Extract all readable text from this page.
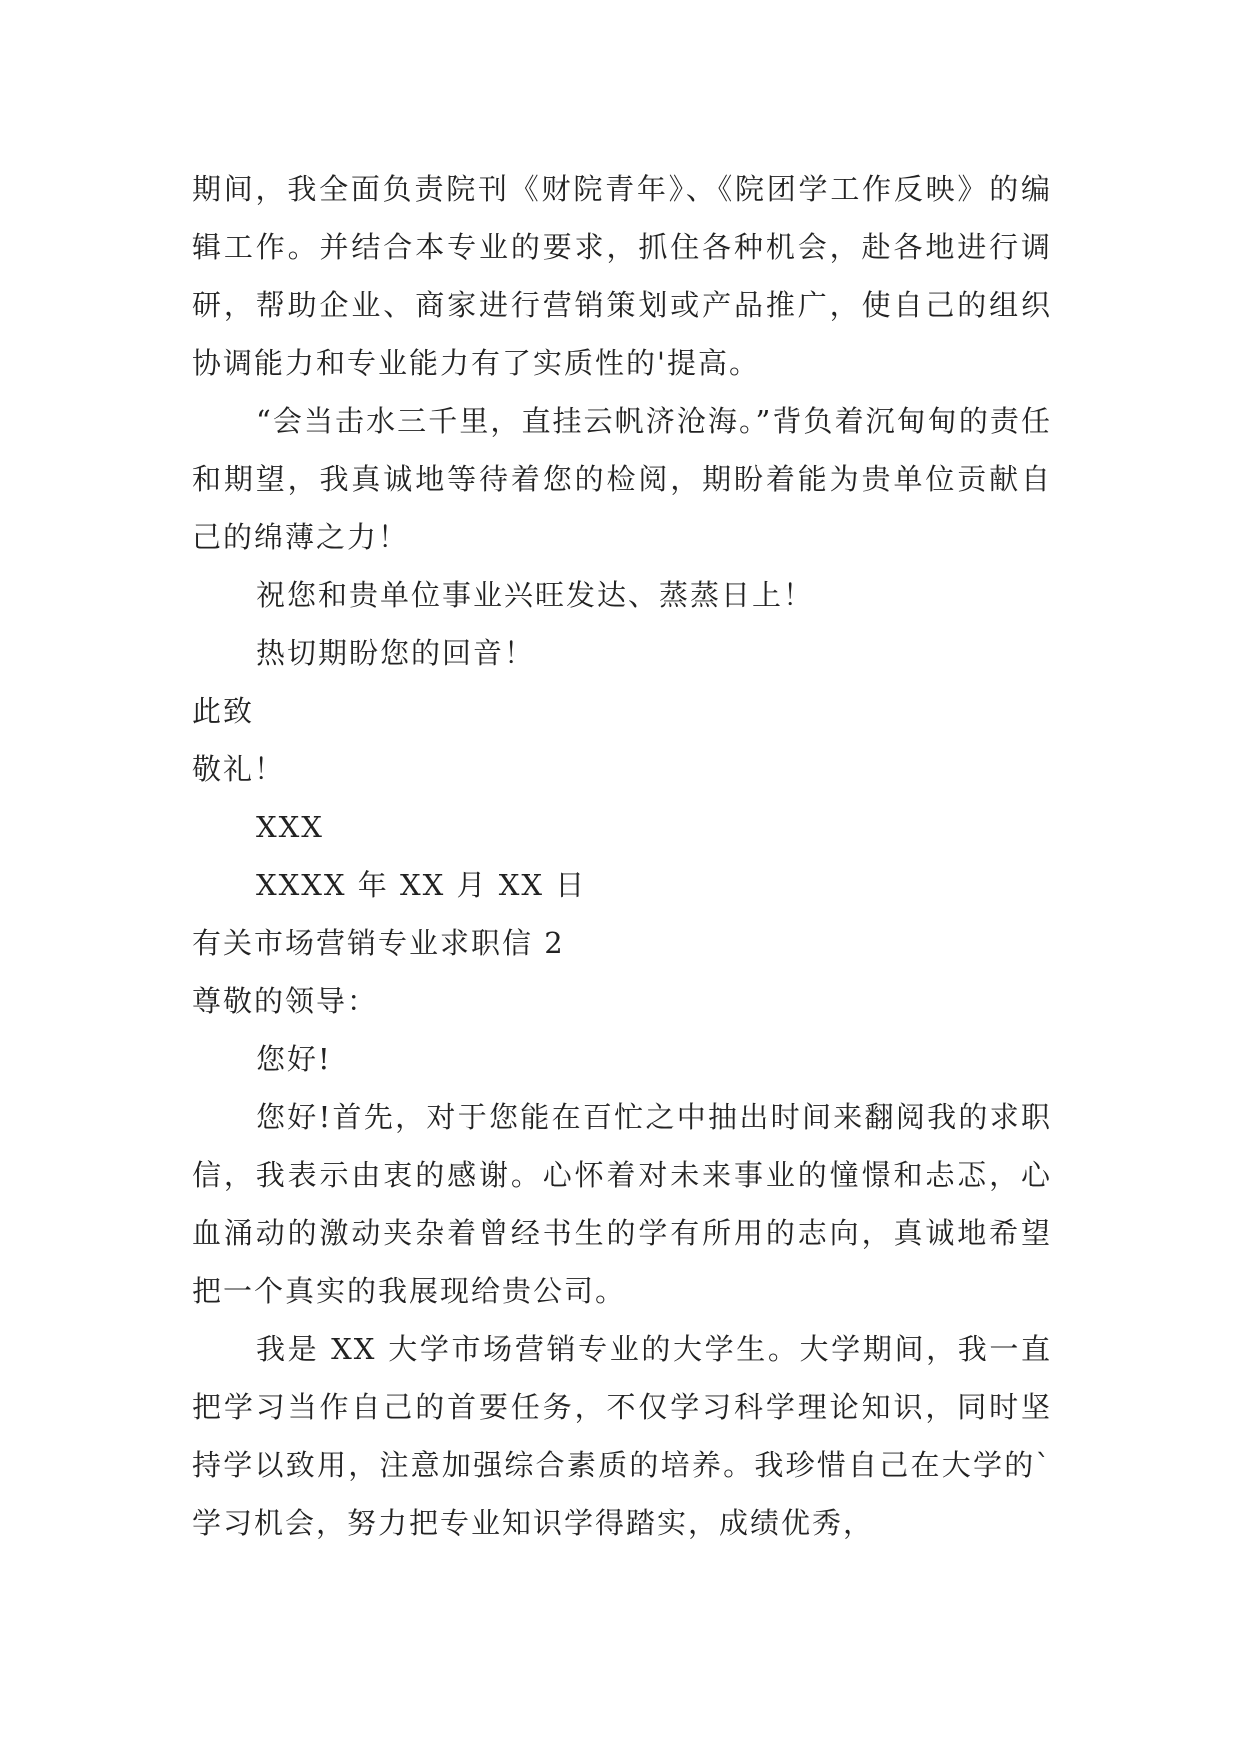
期间，我全面负责院刊《财院青年》、《院团学工作反映》的编辑工作。并结合本专业的要求，抓住各种机会，赴各地进行调研，帮助企业、商家进行营销策划或产品推广，使自己的组织协调能力和专业能力有了实质性的'提高。

“会当击水三千里，直挂云帆济沧海。”背负着沉甸甸的责任和期望，我真诚地等待着您的检阅，期盼着能为贵单位贡献自己的绵薄之力！

祝您和贵单位事业兴旺发达、蒸蒸日上！

热切期盼您的回音！

此致

敬礼！

XXX

XXXX 年 XX 月 XX 日

有关市场营销专业求职信 2

尊敬的领导：

您好!

您好!首先，对于您能在百忙之中抽出时间来翻阅我的求职信，我表示由衷的感谢。心怀着对未来事业的憧憬和忐忑，心血涌动的激动夹杂着曾经书生的学有所用的志向，真诚地希望把一个真实的我展现给贵公司。

我是 XX 大学市场营销专业的大学生。大学期间，我一直把学习当作自己的首要任务，不仅学习科学理论知识，同时坚持学以致用，注意加强综合素质的培养。我珍惜自己在大学的`学习机会，努力把专业知识学得踏实，成绩优秀，
